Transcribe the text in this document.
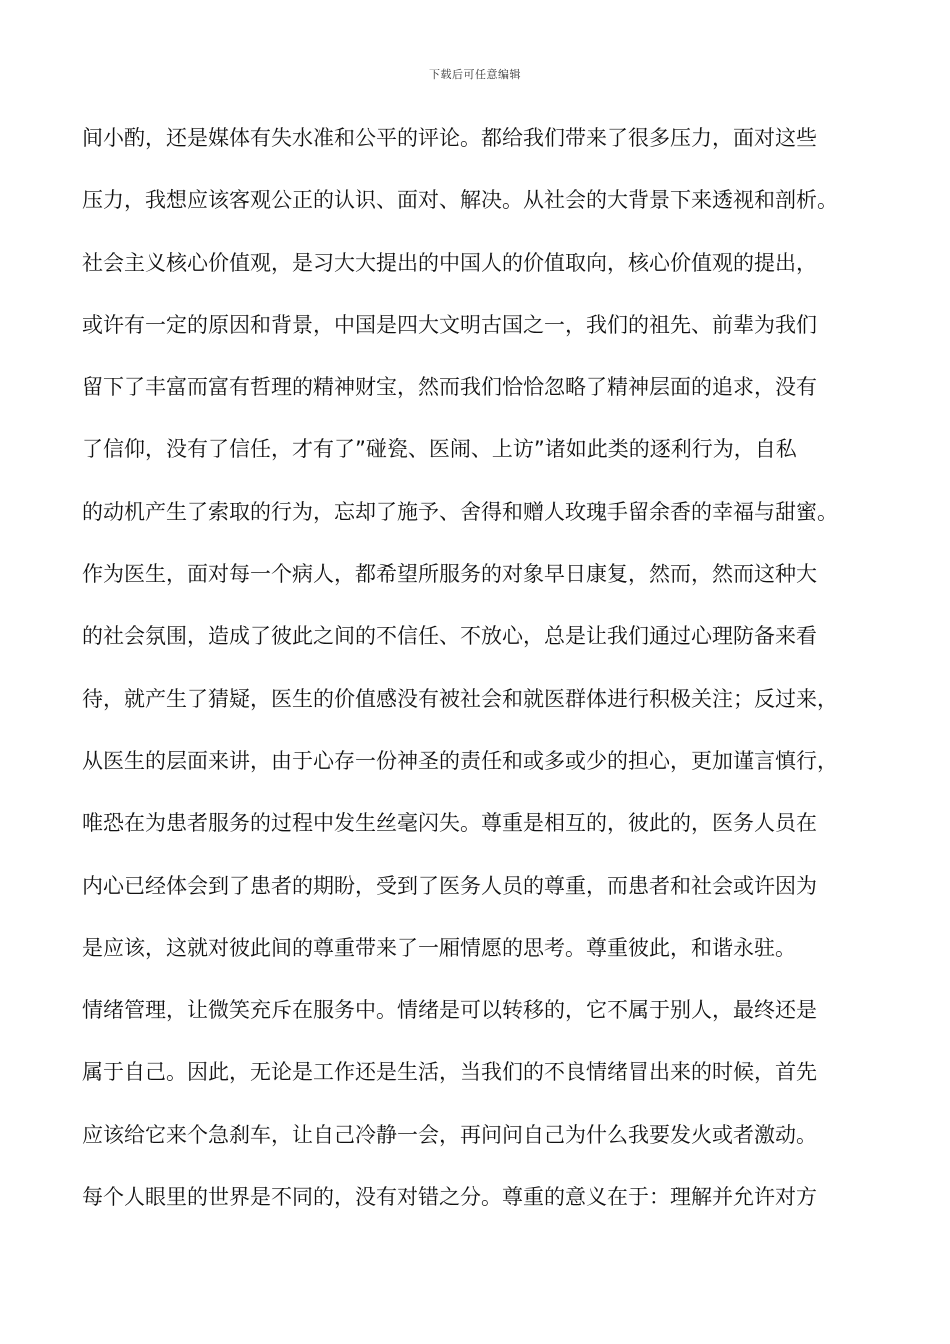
下载后可任意编辑
间小酌，还是媒体有失水准和公平的评论。都给我们带来了很多压力，面对这些
压力，我想应该客观公正的认识、面对、解决。从社会的大背景下来透视和剖析。
社会主义核心价值观，是习大大提出的中国人的价值取向，核心价值观的提出，
或许有一定的原因和背景，中国是四大文明古国之一，我们的祖先、前辈为我们
留下了丰富而富有哲理的精神财宝，然而我们恰恰忽略了精神层面的追求，没有
了信仰，没有了信任，才有了”碰瓷、医闹、上访”诸如此类的逐利行为，自私
的动机产生了索取的行为，忘却了施予、舍得和赠人玫瑰手留余香的幸福与甜蜜。
作为医生，面对每一个病人，都希望所服务的对象早日康复，然而，然而这种大
的社会氛围，造成了彼此之间的不信任、不放心，总是让我们通过心理防备来看
待，就产生了猜疑，医生的价值感没有被社会和就医群体进行积极关注；反过来，
从医生的层面来讲，由于心存一份神圣的责任和或多或少的担心，更加谨言慎行，
唯恐在为患者服务的过程中发生丝毫闪失。尊重是相互的，彼此的，医务人员在
内心已经体会到了患者的期盼，受到了医务人员的尊重，而患者和社会或许因为
是应该，这就对彼此间的尊重带来了一厢情愿的思考。尊重彼此，和谐永驻。
情绪管理，让微笑充斥在服务中。情绪是可以转移的，它不属于别人，最终还是
属于自己。因此，无论是工作还是生活，当我们的不良情绪冒出来的时候，首先
应该给它来个急刹车，让自己冷静一会，再问问自己为什么我要发火或者激动。
每个人眼里的世界是不同的，没有对错之分。尊重的意义在于：理解并允许对方
